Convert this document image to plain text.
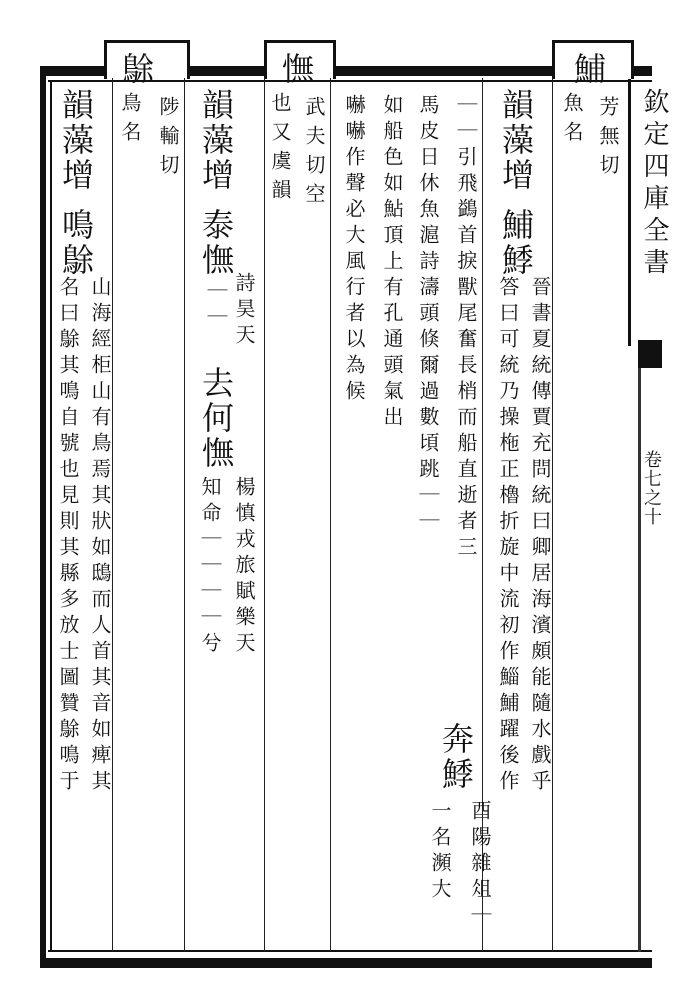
欽定四庫全書
卷七之十
鯆
芳無切
魚名
韻藻增
鯆鯚
晉書夏統傳賈充問統曰卿居海濱頗能隨水戲乎
答曰可統乃操柂正櫓折旋中流初作鯔鯆躍後作
｜｜引飛鷁首捩獸尾奮長梢而船直逝者三
奔鯚
酉陽雜俎｜
馬皮日休魚滬詩濤頭倏爾過數頃跳｜｜
一名瀕大
如船色如鮎頂上有孔通頭氣出
嚇嚇作聲必大風行者以為候
憮
武夫切空
也又虞韻
韻藻增
泰憮
詩昊天
｜｜
去何憮
楊慎戎旅賦樂天
知命｜｜｜｜兮
鵌
陟輸切
鳥名
韻藻增
鳴鵌
山海經柜山有鳥焉其狀如鴟而人首其音如痺其
名曰鵌其鳴自號也見則其縣多放士圖贊鵌鳴于
